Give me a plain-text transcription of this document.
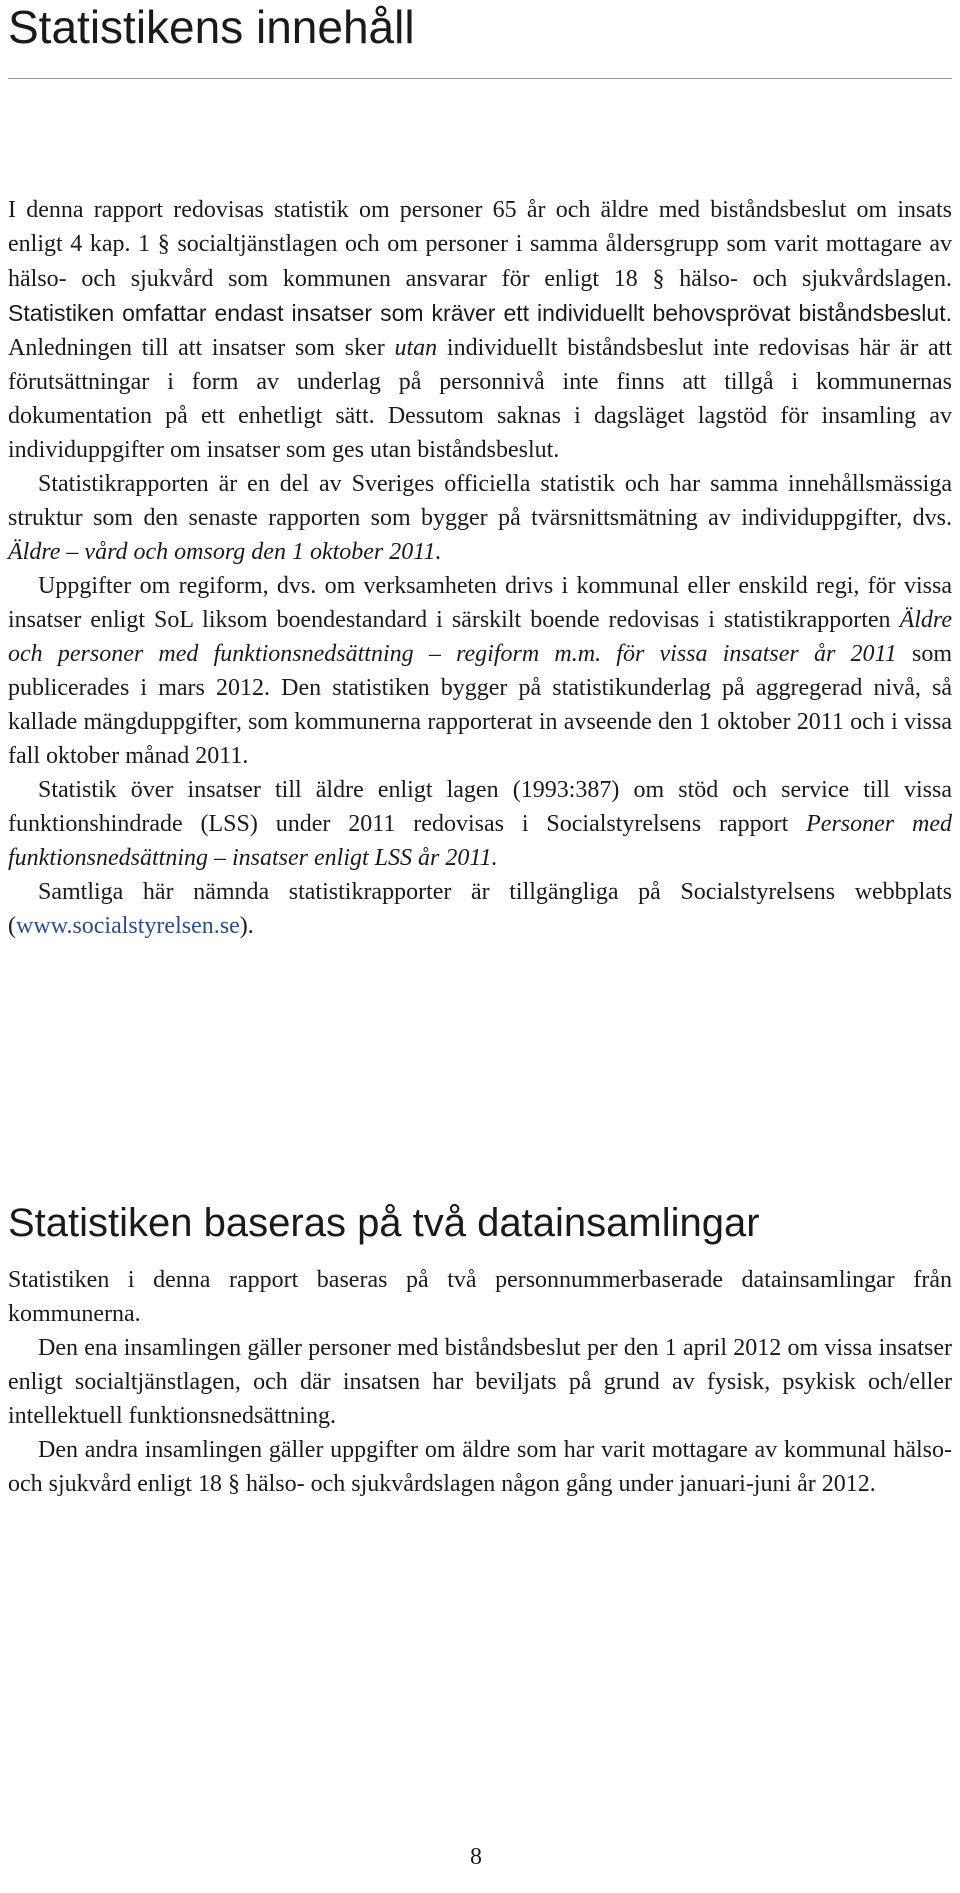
Statistikens innehåll

I denna rapport redovisas statistik om personer 65 år och äldre med biståndsbeslut om insats enligt 4 kap. 1 § socialtjänstlagen och om personer i samma åldersgrupp som varit mottagare av hälso- och sjukvård som kommunen ansvarar för enligt 18 § hälso- och sjukvårdslagen. Statistiken omfattar endast insatser som kräver ett individuellt behovsprövat biståndsbeslut. Anledningen till att insatser som sker utan individuellt biståndsbeslut inte redovisas här är att förutsättningar i form av underlag på personnivå inte finns att tillgå i kommunernas dokumentation på ett enhetligt sätt. Dessutom saknas i dagsläget lagstöd för insamling av individuppgifter om insatser som ges utan biståndsbeslut.

Statistikrapporten är en del av Sveriges officiella statistik och har samma innehållsmässiga struktur som den senaste rapporten som bygger på tvärsnittsmätning av individuppgifter, dvs. Äldre – vård och omsorg den 1 oktober 2011.

Uppgifter om regiform, dvs. om verksamheten drivs i kommunal eller enskild regi, för vissa insatser enligt SoL liksom boendestandard i särskilt boende redovisas i statistikrapporten Äldre och personer med funktionsnedsättning – regiform m.m. för vissa insatser år 2011 som publicerades i mars 2012. Den statistiken bygger på statistikunderlag på aggregerad nivå, så kallade mängduppgifter, som kommunerna rapporterat in avseende den 1 oktober 2011 och i vissa fall oktober månad 2011.

Statistik över insatser till äldre enligt lagen (1993:387) om stöd och service till vissa funktionshindrade (LSS) under 2011 redovisas i Socialstyrelsens rapport Personer med funktionsnedsättning – insatser enligt LSS år 2011.

Samtliga här nämnda statistikrapporter är tillgängliga på Socialstyrelsens webbplats (www.socialstyrelsen.se).

Statistiken baseras på två datainsamlingar

Statistiken i denna rapport baseras på två personnummerbaserade datainsamlingar från kommunerna.

Den ena insamlingen gäller personer med biståndsbeslut per den 1 april 2012 om vissa insatser enligt socialtjänstlagen, och där insatsen har beviljats på grund av fysisk, psykisk och/eller intellektuell funktionsnedsättning.

Den andra insamlingen gäller uppgifter om äldre som har varit mottagare av kommunal hälso- och sjukvård enligt 18 § hälso- och sjukvårdslagen någon gång under januari-juni år 2012.

8
